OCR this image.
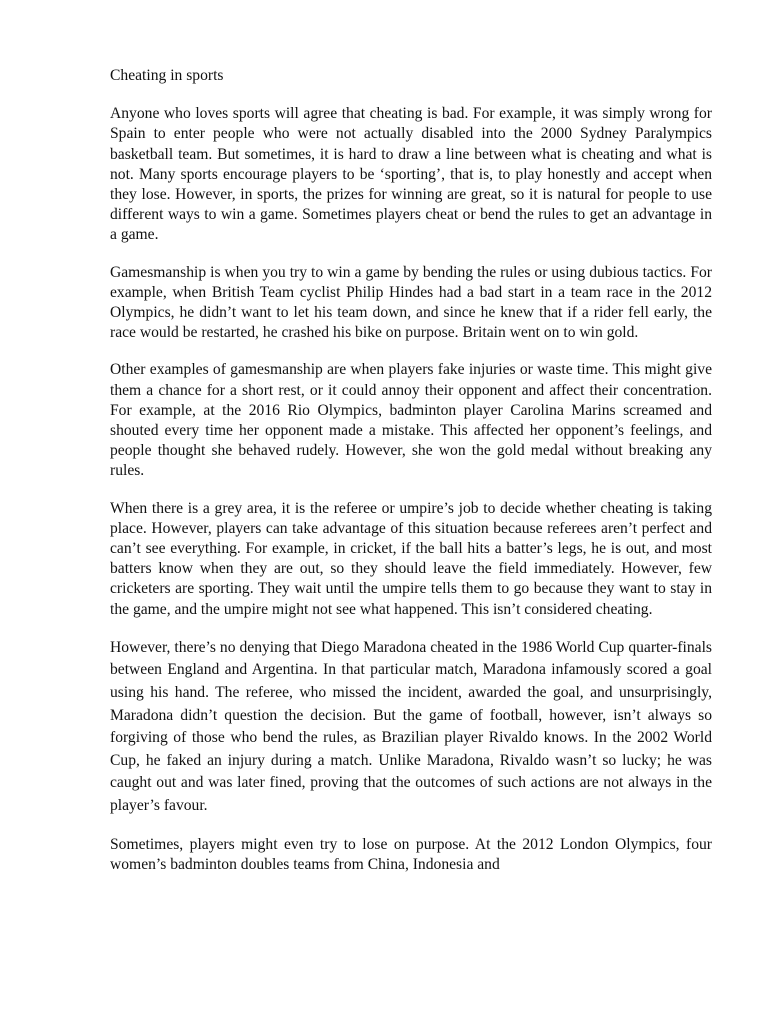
Cheating in sports

Anyone who loves sports will agree that cheating is bad. For example, it was simply wrong for Spain to enter people who were not actually disabled into the 2000 Sydney Paralympics basketball team. But sometimes, it is hard to draw a line between what is cheating and what is not. Many sports encourage players to be ‘sporting’, that is, to play honestly and accept when they lose. However, in sports, the prizes for winning are great, so it is natural for people to use different ways to win a game. Sometimes players cheat or bend the rules to get an advantage in a game.

Gamesmanship is when you try to win a game by bending the rules or using dubious tactics. For example, when British Team cyclist Philip Hindes had a bad start in a team race in the 2012 Olympics, he didn’t want to let his team down, and since he knew that if a rider fell early, the race would be restarted, he crashed his bike on purpose. Britain went on to win gold.

Other examples of gamesmanship are when players fake injuries or waste time. This might give them a chance for a short rest, or it could annoy their opponent and affect their concentration. For example, at the 2016 Rio Olympics, badminton player Carolina Marins screamed and shouted every time her opponent made a mistake. This affected her opponent’s feelings, and people thought she behaved rudely. However, she won the gold medal without breaking any rules.

When there is a grey area, it is the referee or umpire’s job to decide whether cheating is taking place. However, players can take advantage of this situation because referees aren’t perfect and can’t see everything. For example, in cricket, if the ball hits a batter’s legs, he is out, and most batters know when they are out, so they should leave the field immediately. However, few cricketers are sporting. They wait until the umpire tells them to go because they want to stay in the game, and the umpire might not see what happened. This isn’t considered cheating.

However, there’s no denying that Diego Maradona cheated in the 1986 World Cup quarter-finals between England and Argentina. In that particular match, Maradona infamously scored a goal using his hand. The referee, who missed the incident, awarded the goal, and unsurprisingly, Maradona didn’t question the decision. But the game of football, however, isn’t always so forgiving of those who bend the rules, as Brazilian player Rivaldo knows. In the 2002 World Cup, he faked an injury during a match. Unlike Maradona, Rivaldo wasn’t so lucky; he was caught out and was later fined, proving that the outcomes of such actions are not always in the player’s favour.

Sometimes, players might even try to lose on purpose. At the 2012 London Olympics, four women’s badminton doubles teams from China, Indonesia and
